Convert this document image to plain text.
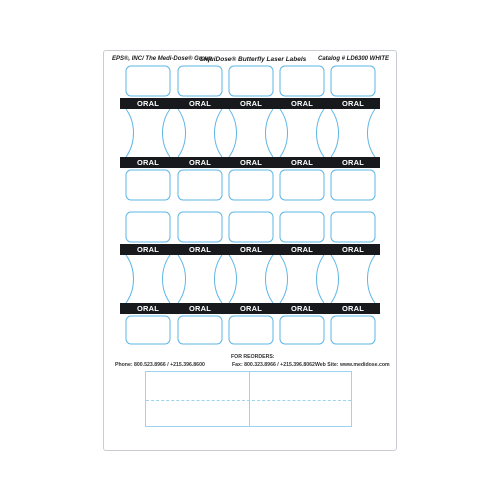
EPS®, INC/ The Medi-Dose® Group
LiquiDose® Butterfly Laser Labels Catalog # LD6300 WHITE
ORAL	ORAL	ORAL	ORAL	ORAL
ORAL	ORAL	ORAL	ORAL	ORAL
ORAL	ORAL	ORAL	ORAL	ORAL
ORAL	ORAL	ORAL	ORAL	ORAL
FOR REORDERS:
Phone: 800.523.8966 / +215.396.8600	Fax: 800.323.8966 / +215.396.8062 Web Site: www.medidose.com
